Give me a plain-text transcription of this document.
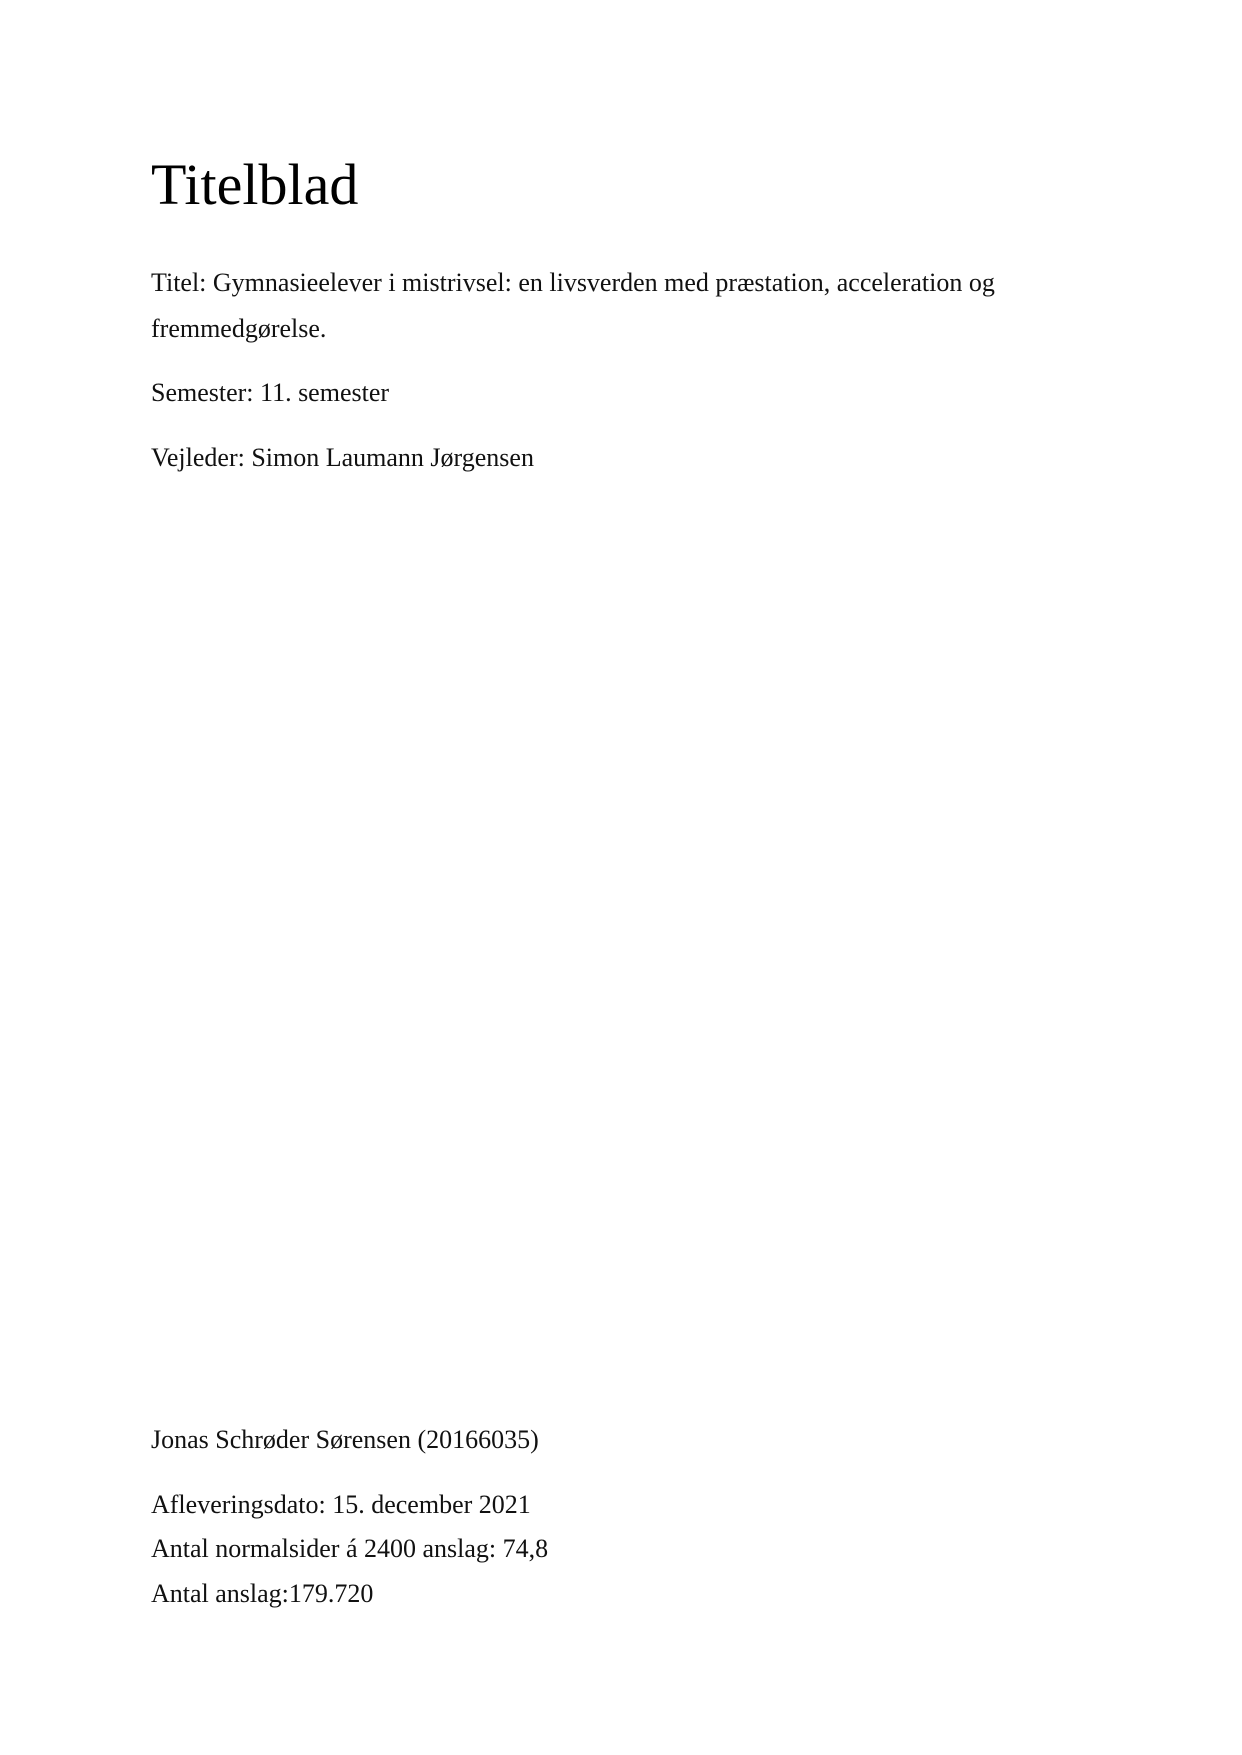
Titelblad
Titel: Gymnasieelever i mistrivsel: en livsverden med præstation, acceleration og
fremmedgørelse.
Semester: 11. semester
Vejleder: Simon Laumann Jørgensen
Jonas Schrøder Sørensen (20166035)
Afleveringsdato: 15. december 2021
Antal normalsider á 2400 anslag: 74,8
Antal anslag:179.720
